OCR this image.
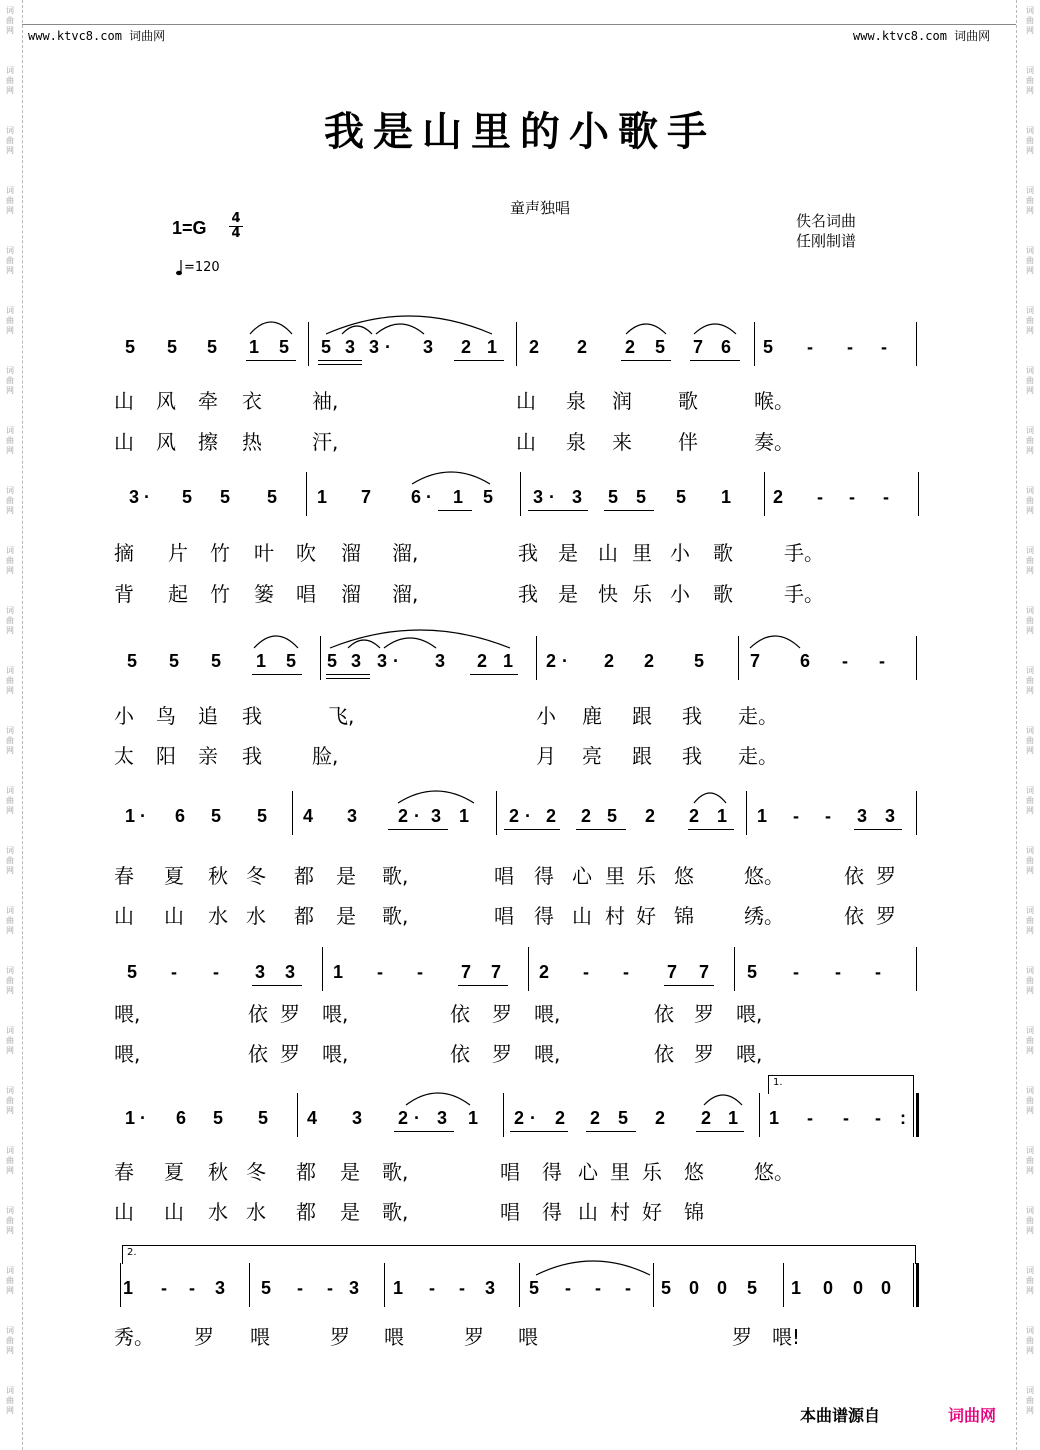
词
曲
网
词
曲
网
词
曲
网
词
曲
网
词
曲
网
词
曲
网
词
曲
网
词
曲
网
词
曲
网
词
曲
网
词
曲
网
词
曲
网
词
曲
网
词
曲
网
词
曲
网
词
曲
网
词
曲
网
词
曲
网
词
曲
网
词
曲
网
词
曲
网
词
曲
网
词
曲
网
词
曲
网
词
曲
网
词
曲
网
词
曲
网
词
曲
网
词
曲
网
词
曲
网
词
曲
网
词
曲
网
词
曲
网
词
曲
网
词
曲
网
词
曲
网
词
曲
网
词
曲
网
词
曲
网
词
曲
网
词
曲
网
词
曲
网
词
曲
网
词
曲
网
词
曲
网
词
曲
网
词
曲
网
词
曲
网
www.ktvc8.com 词曲网	www.ktvc8.com 词曲网
我是山里的小歌手
童声独唱
1=G 4
4
=120
佚名词曲
任刚制谱
5 5 5 1 5 5 3 3 · 3 2 1 2 2 2 5 7 6 5	-	-	-
山 风 牵 衣	袖,	山 泉 润 歌	喉。
山 风 擦 热	汗,	山 泉 来 伴	奏。
3 · 5 5 5 1 7 6 · 1 5 3 · 3 5 5 5 1 2	-	-	-
摘 片 竹 叶 吹 溜 溜,	我 是 山 里 小 歌	手。
背 起 竹 篓 唱 溜 溜,	我 是 快 乐 小 歌	手。
5 5 5 1 5 5 3 3 · 3 2 1 2 · 2 2 5	7 6	-	-
小 鸟 追 我	飞,	小 鹿 跟 我 走。
太 阳 亲 我	脸,	月 亮 跟 我 走。
1 · 6 5 5 4 3 2 · 3 1 2 · 2 2 5 2 2 1 1	-	-	3 3
春 夏 秋 冬 都 是 歌,	唱 得 心 里 乐 悠	悠。	依 罗
山 山 水 水 都 是 歌,	唱 得 山 村 好 锦	绣。	依 罗
5	-	-	3 3 1	-	-	7 7 2	-	-	7 7 5	-	-	-
喂,	依 罗 喂,	依 罗 喂,	依 罗 喂,
喂,	依 罗 喂,	依 罗 喂,	依 罗 喂,
1 · 6 5 5 4 3 2 · 3 1 2 · 2 2 5 2 2 1 1	-	-	-	:
1.
春 夏 秋 冬 都 是 歌,	唱 得 心 里 乐 悠	悠。
山 山 水 水 都 是 歌,	唱 得 山 村 好 锦
1	-	-	3 5	-	- 3 1	-	-	3 5	-	-	-	5 0 0 5 1 0 0 0
2.
秀。 罗 喂	罗 喂	罗 喂	罗 喂!
本曲谱源自	词曲网
